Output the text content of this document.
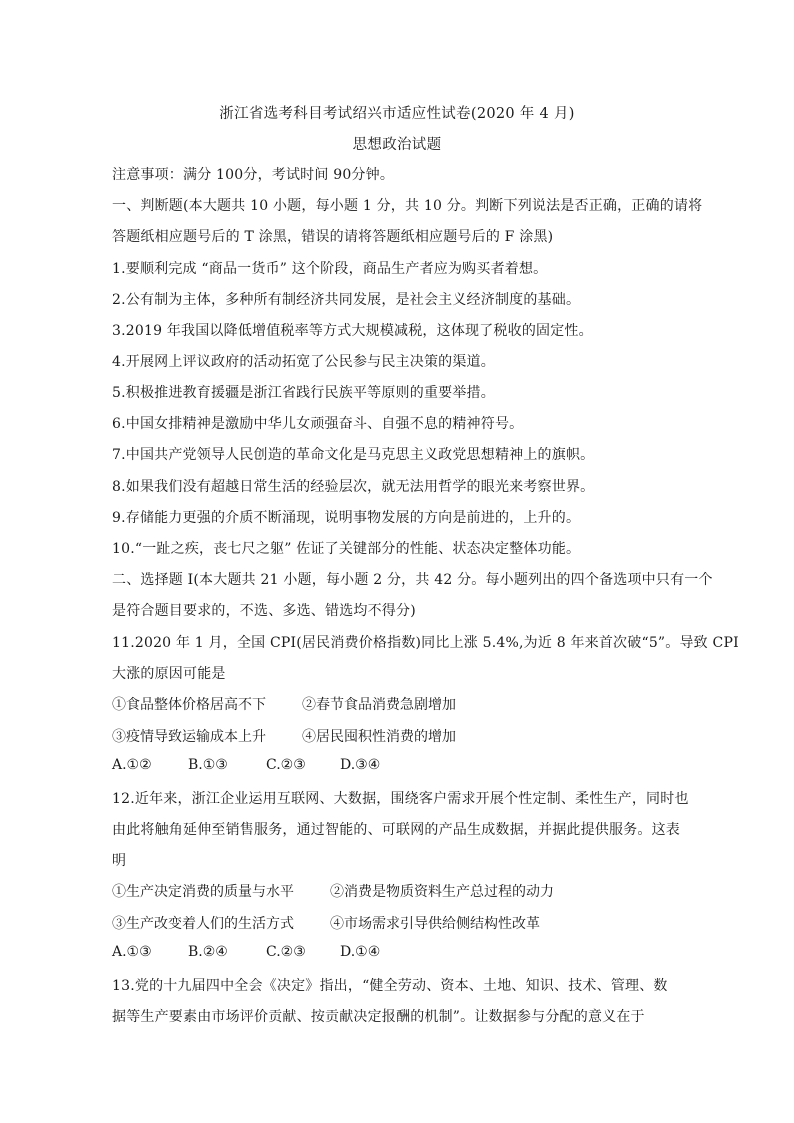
浙江省选考科目考试绍兴市适应性试卷(2020 年 4 月)
思想政治试题
注意事项：满分 100分，考试时间 90分钟。
一、判断题(本大题共 10 小题，每小题 1 分，共 10 分。判断下列说法是否正确，正确的请将
答题纸相应题号后的 T 涂黑，错误的请将答题纸相应题号后的 F 涂黑)
1.要顺利完成 “商品一货币” 这个阶段，商品生产者应为购买者着想。
2.公有制为主体，多种所有制经济共同发展，是社会主义经济制度的基础。
3.2019 年我国以降低增值税率等方式大规模减税，这体现了税收的固定性。
4.开展网上评议政府的活动拓宽了公民参与民主决策的渠道。
5.积极推进教育援疆是浙江省践行民族平等原则的重要举措。
6.中国女排精神是激励中华儿女顽强奋斗、自强不息的精神符号。
7.中国共产党领导人民创造的革命文化是马克思主义政党思想精神上的旗帜。
8.如果我们没有超越日常生活的经验层次，就无法用哲学的眼光来考察世界。
9.存储能力更强的介质不断涌现，说明事物发展的方向是前进的，上升的。
10.“一趾之疾，丧七尺之躯” 佐证了关键部分的性能、状态决定整体功能。
二、选择题 I(本大题共 21 小题，每小题 2 分，共 42 分。每小题列出的四个备选项中只有一个
是符合题目要求的，不选、多选、错选均不得分)
11.2020 年 1 月，全国 CPI(居民消费价格指数)同比上涨 5.4%,为近 8 年来首次破“5”。导致 CPI
大涨的原因可能是
①食品整体价格居高不下	②春节食品消费急剧增加
③疫情导致运输成本上升	④居民囤积性消费的增加
A.①②	B.①③	C.②③ D.③④
12.近年来，浙江企业运用互联网、大数据，围绕客户需求开展个性定制、柔性生产，同时也
由此将触角延伸至销售服务，通过智能的、可联网的产品生成数据，并据此提供服务。这表
明
①生产决定消费的质量与水平	②消费是物质资料生产总过程的动力
③生产改变着人们的生活方式	④市场需求引导供给侧结构性改革
A.①③	B.②④	C.②③ D.①④
13.党的十九届四中全会《决定》指出，“健全劳动、资本、土地、知识、技术、管理、数
据等生产要素由市场评价贡献、按贡献决定报酬的机制”。让数据参与分配的意义在于
